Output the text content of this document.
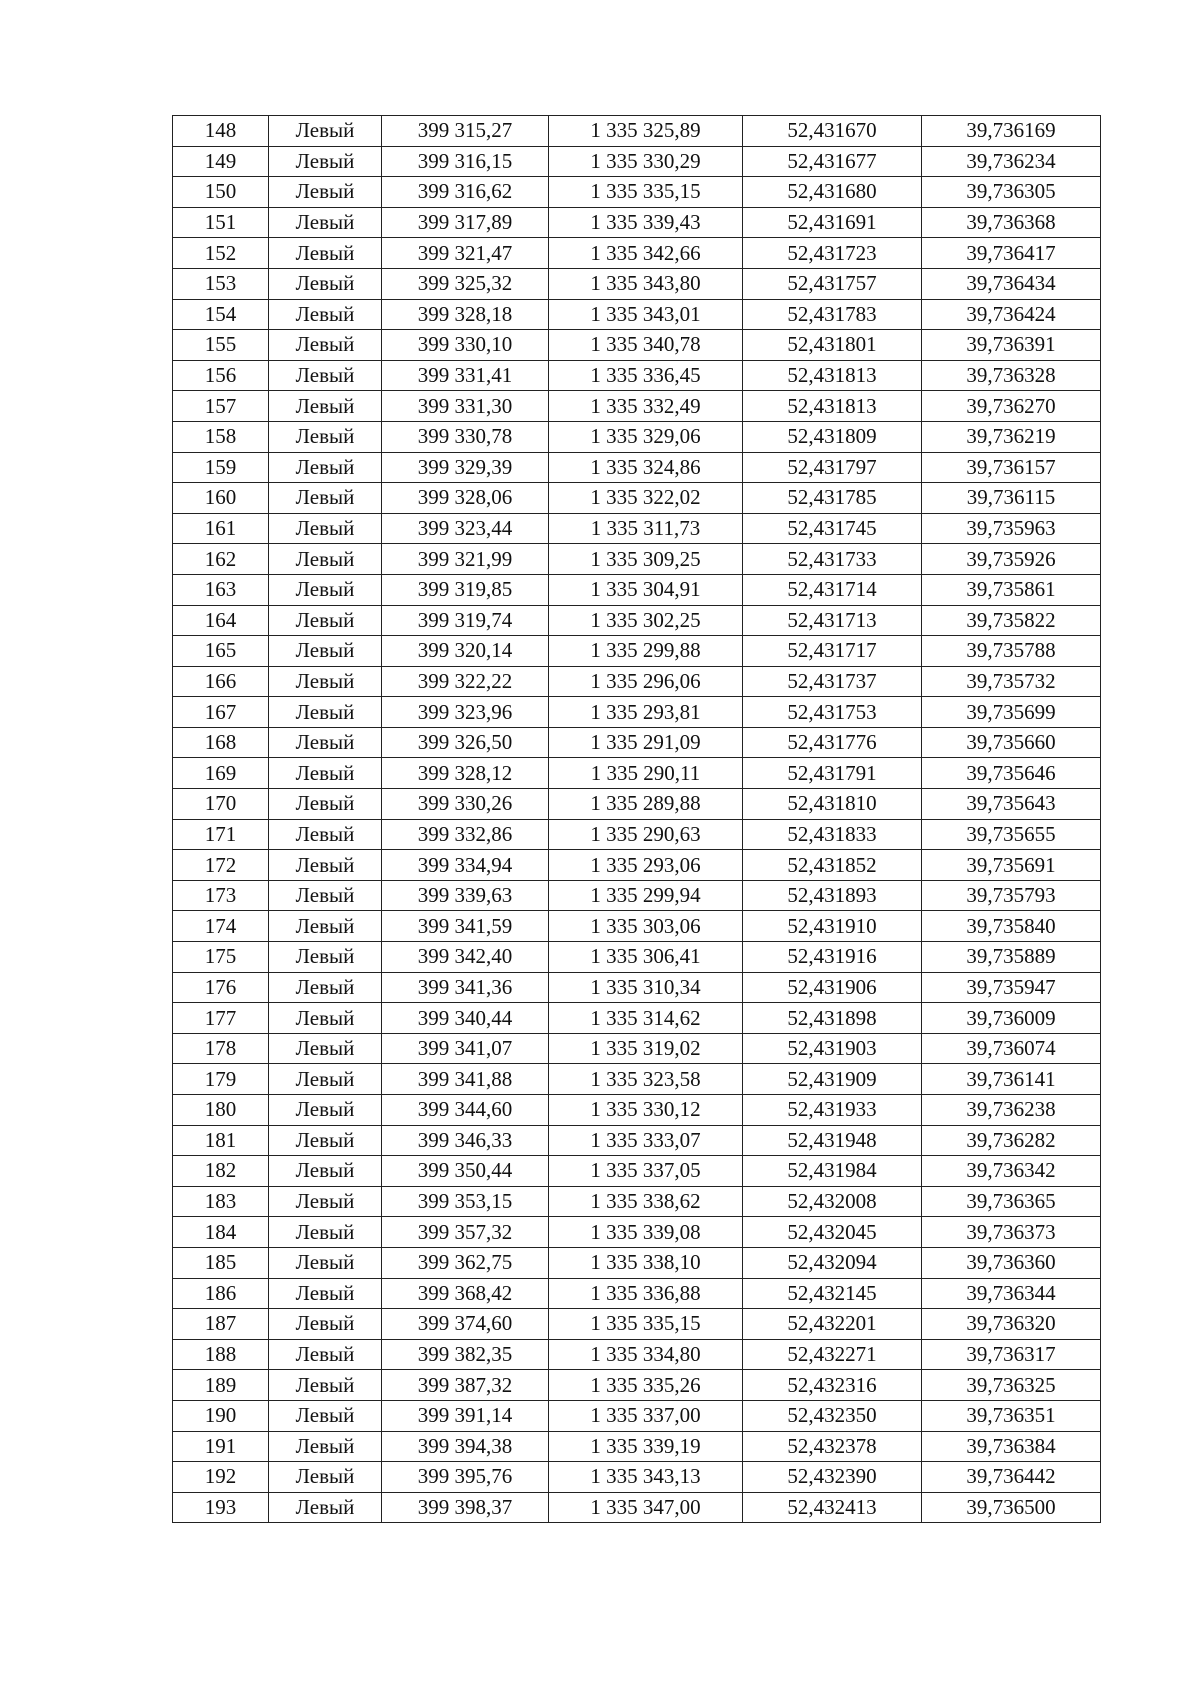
148	Левый	399 315,27	1 335 325,89	52,431670	39,736169
149	Левый	399 316,15	1 335 330,29	52,431677	39,736234
150	Левый	399 316,62	1 335 335,15	52,431680	39,736305
151	Левый	399 317,89	1 335 339,43	52,431691	39,736368
152	Левый	399 321,47	1 335 342,66	52,431723	39,736417
153	Левый	399 325,32	1 335 343,80	52,431757	39,736434
154	Левый	399 328,18	1 335 343,01	52,431783	39,736424
155	Левый	399 330,10	1 335 340,78	52,431801	39,736391
156	Левый	399 331,41	1 335 336,45	52,431813	39,736328
157	Левый	399 331,30	1 335 332,49	52,431813	39,736270
158	Левый	399 330,78	1 335 329,06	52,431809	39,736219
159	Левый	399 329,39	1 335 324,86	52,431797	39,736157
160	Левый	399 328,06	1 335 322,02	52,431785	39,736115
161	Левый	399 323,44	1 335 311,73	52,431745	39,735963
162	Левый	399 321,99	1 335 309,25	52,431733	39,735926
163	Левый	399 319,85	1 335 304,91	52,431714	39,735861
164	Левый	399 319,74	1 335 302,25	52,431713	39,735822
165	Левый	399 320,14	1 335 299,88	52,431717	39,735788
166	Левый	399 322,22	1 335 296,06	52,431737	39,735732
167	Левый	399 323,96	1 335 293,81	52,431753	39,735699
168	Левый	399 326,50	1 335 291,09	52,431776	39,735660
169	Левый	399 328,12	1 335 290,11	52,431791	39,735646
170	Левый	399 330,26	1 335 289,88	52,431810	39,735643
171	Левый	399 332,86	1 335 290,63	52,431833	39,735655
172	Левый	399 334,94	1 335 293,06	52,431852	39,735691
173	Левый	399 339,63	1 335 299,94	52,431893	39,735793
174	Левый	399 341,59	1 335 303,06	52,431910	39,735840
175	Левый	399 342,40	1 335 306,41	52,431916	39,735889
176	Левый	399 341,36	1 335 310,34	52,431906	39,735947
177	Левый	399 340,44	1 335 314,62	52,431898	39,736009
178	Левый	399 341,07	1 335 319,02	52,431903	39,736074
179	Левый	399 341,88	1 335 323,58	52,431909	39,736141
180	Левый	399 344,60	1 335 330,12	52,431933	39,736238
181	Левый	399 346,33	1 335 333,07	52,431948	39,736282
182	Левый	399 350,44	1 335 337,05	52,431984	39,736342
183	Левый	399 353,15	1 335 338,62	52,432008	39,736365
184	Левый	399 357,32	1 335 339,08	52,432045	39,736373
185	Левый	399 362,75	1 335 338,10	52,432094	39,736360
186	Левый	399 368,42	1 335 336,88	52,432145	39,736344
187	Левый	399 374,60	1 335 335,15	52,432201	39,736320
188	Левый	399 382,35	1 335 334,80	52,432271	39,736317
189	Левый	399 387,32	1 335 335,26	52,432316	39,736325
190	Левый	399 391,14	1 335 337,00	52,432350	39,736351
191	Левый	399 394,38	1 335 339,19	52,432378	39,736384
192	Левый	399 395,76	1 335 343,13	52,432390	39,736442
193	Левый	399 398,37	1 335 347,00	52,432413	39,736500
